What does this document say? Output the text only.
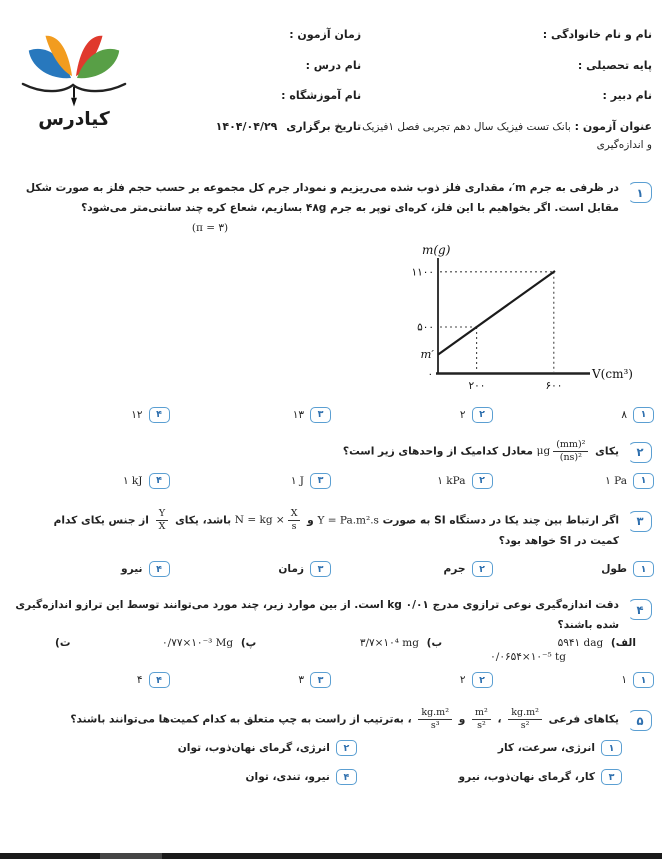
نام و نام خانوادگی :
پایه تحصیلی :
نام دبیر :
عنوان آزمون : بانک تست فیزیک سال دهم تجربی فصل ۱فیزیک و اندازه‌گیری
زمان آزمون :
نام درس :
نام آموزشگاه :
تاریخ برگزاری ۱۴۰۴/۰۴/۲۹
کیادرس
۱
در ظرفی به جرم m′، مقداری فلز ذوب شده می‌ریزیم و نمودار جرم کل مجموعه بر حسب حجم فلز به صورت شکل
مقابل است. اگر بخواهیم با این فلز، کره‌ای توپر به جرم ۴۸g بسازیم، شعاع کره چند سانتی‌متر می‌شود؟
(π = ۳)
m(g)
۱۱۰۰
۵۰۰
m′
۰
۲۰۰	۶۰۰
V(cm³)
۱
۸
۲
۲
۳
۱۳
۴
۱۲
۲
یکای μg $\frac{\text{(mm)²}}{\text{(ns)²}}$
معادل کدامیک از واحدهای زیر است؟
۱
۱ Pa
۲
۱ kPa
۳
۱ J
۴
۱ kJ
۳
اگر ارتباط بین چند یکا در دستگاه SI به صورت Y = Pa.m².s و N = kg × $\frac{X}{s}$
باشد، یکای
$\frac{Y}{X}$
از جنس یکای کدام
کمیت در SI خواهد بود؟
۱
طول
۲
جرم
۳
زمان
۴
نیرو
۴
دقت اندازه‌گیری نوعی ترازوی مدرج ۰/۰۱ kg است. از بین موارد زیر، چند مورد می‌توانند توسط این ترازو اندازه‌گیری
شده باشند؟
الف) ۵۹۴۱ dag
ب) ۳/۷×۱۰⁴ mg
پ) ۰/۷۷×۱۰⁻³ Mg
ت)
۰/۰۶۵۴×۱۰⁻⁵ tg
۱
۱
۲
۲
۳
۳
۴
۴
۵
یکاهای فرعی
$\frac{\text{kg.m²}}{\text{s²}}$
،
$\frac{\text{m²}}{\text{s²}}$
و
$\frac{\text{kg.m²}}{\text{s³}}$
، به‌ترتیب از راست به چپ متعلق به کدام کمیت‌ها می‌توانند باشند؟
۱
انرژی، سرعت، کار
۲
انرژی، گرمای نهان‌ذوب، توان
۳
کار، گرمای نهان‌ذوب، نیرو
۴
نیرو، تندی، توان
